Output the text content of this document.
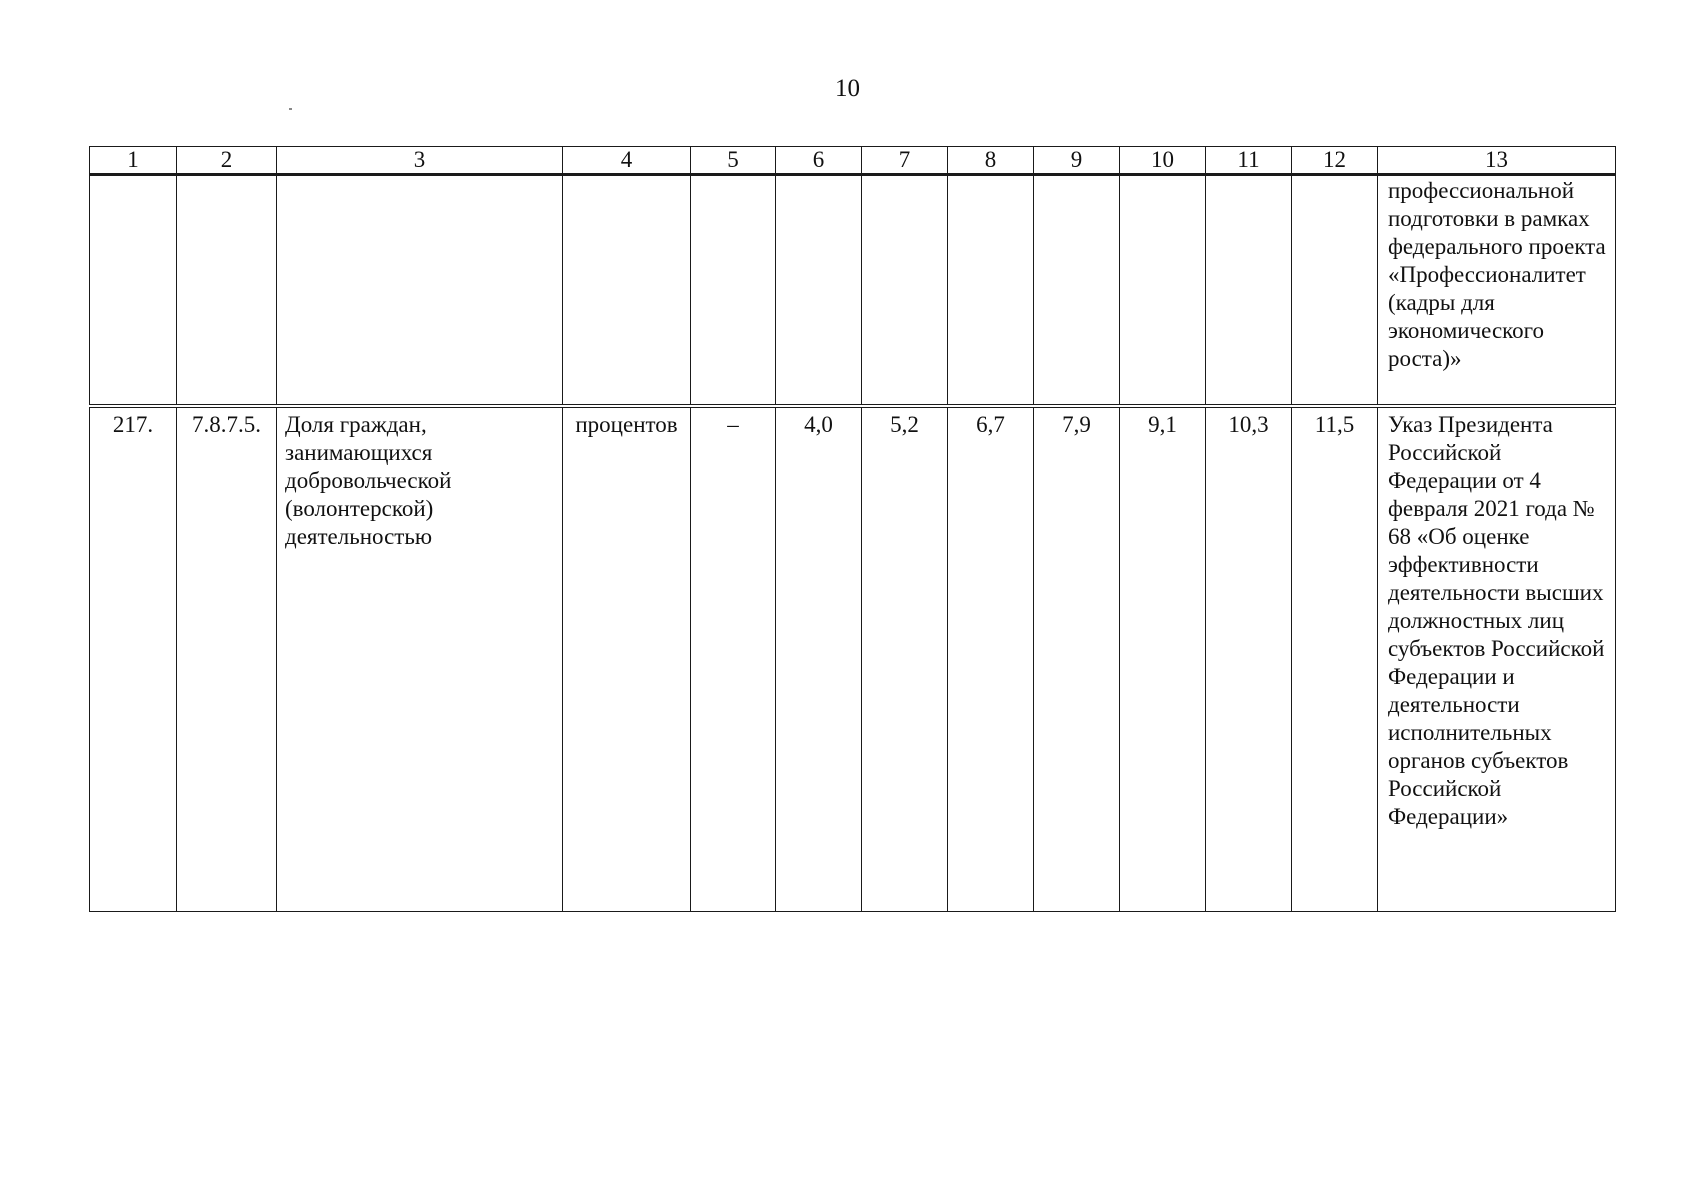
10
1	2	3	4	5	6	7	8	9	10	11	12	13
												профессиональной подготовки в рамках федерального проекта «Профессионалитет (кадры для экономического роста)»

217.	7.8.7.5.	Доля граждан, занимающихся добровольческой (волонтерской) деятельностью	процентов	–	4,0	5,2	6,7	7,9	9,1	10,3	11,5	Указ Президента Российской Федерации от 4 февраля 2021 года № 68 «Об оценке эффективности деятельности высших должностных лиц субъектов Российской Федерации и деятельности исполнительных органов субъектов Российской Федерации»
